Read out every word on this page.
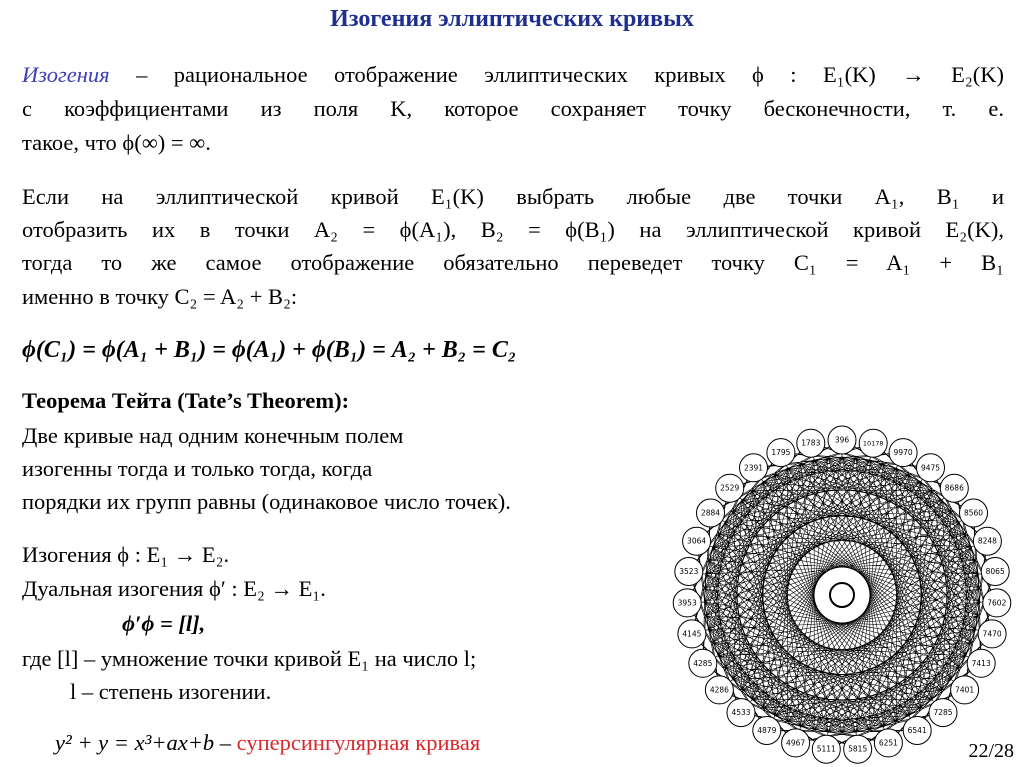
Изогения эллиптических кривых
Изогения – рациональное отображение эллиптических кривых ϕ : E₁(K) → E₂(K)
с коэффициентами из поля K, которое сохраняет точку бесконечности, т. е.
такое, что ϕ(∞) = ∞.
Если на эллиптической кривой E₁(K) выбрать любые две точки A₁, B₁ и
отобразить их в точки A₂ = ϕ(A₁), B₂ = ϕ(B₁) на эллиптической кривой E₂(K),
тогда то же самое отображение обязательно переведет точку C₁ = A₁ + B₁
именно в точку C₂ = A₂ + B₂:
ϕ(C₁) = ϕ(A₁ + B₁) = ϕ(A₁) + ϕ(B₁) = A₂ + B₂ = C₂
Теорема Тейта (Tate’s Theorem):
Две кривые над одним конечным полем
изогенны тогда и только тогда, когда
порядки их групп равны (одинаковое число точек).
Изогения ϕ : E₁ → E₂.
Дуальная изогения ϕ′ : E₂ → E₁.
ϕ′ϕ = [l],
где [l] – умножение точки кривой E₁ на число l;
l – степень изогении.
y² + y = x³+ax+b – суперсингулярная кривая
396 10178
9970
9475
8686
8560
8248
8065
7602
7470
7413
7401
7285
6541
6251
5815
5111
4967
4879
4533
4286
4285
4145
3953
3523
3064
2884
2529
2391
1795
1783
22/28
